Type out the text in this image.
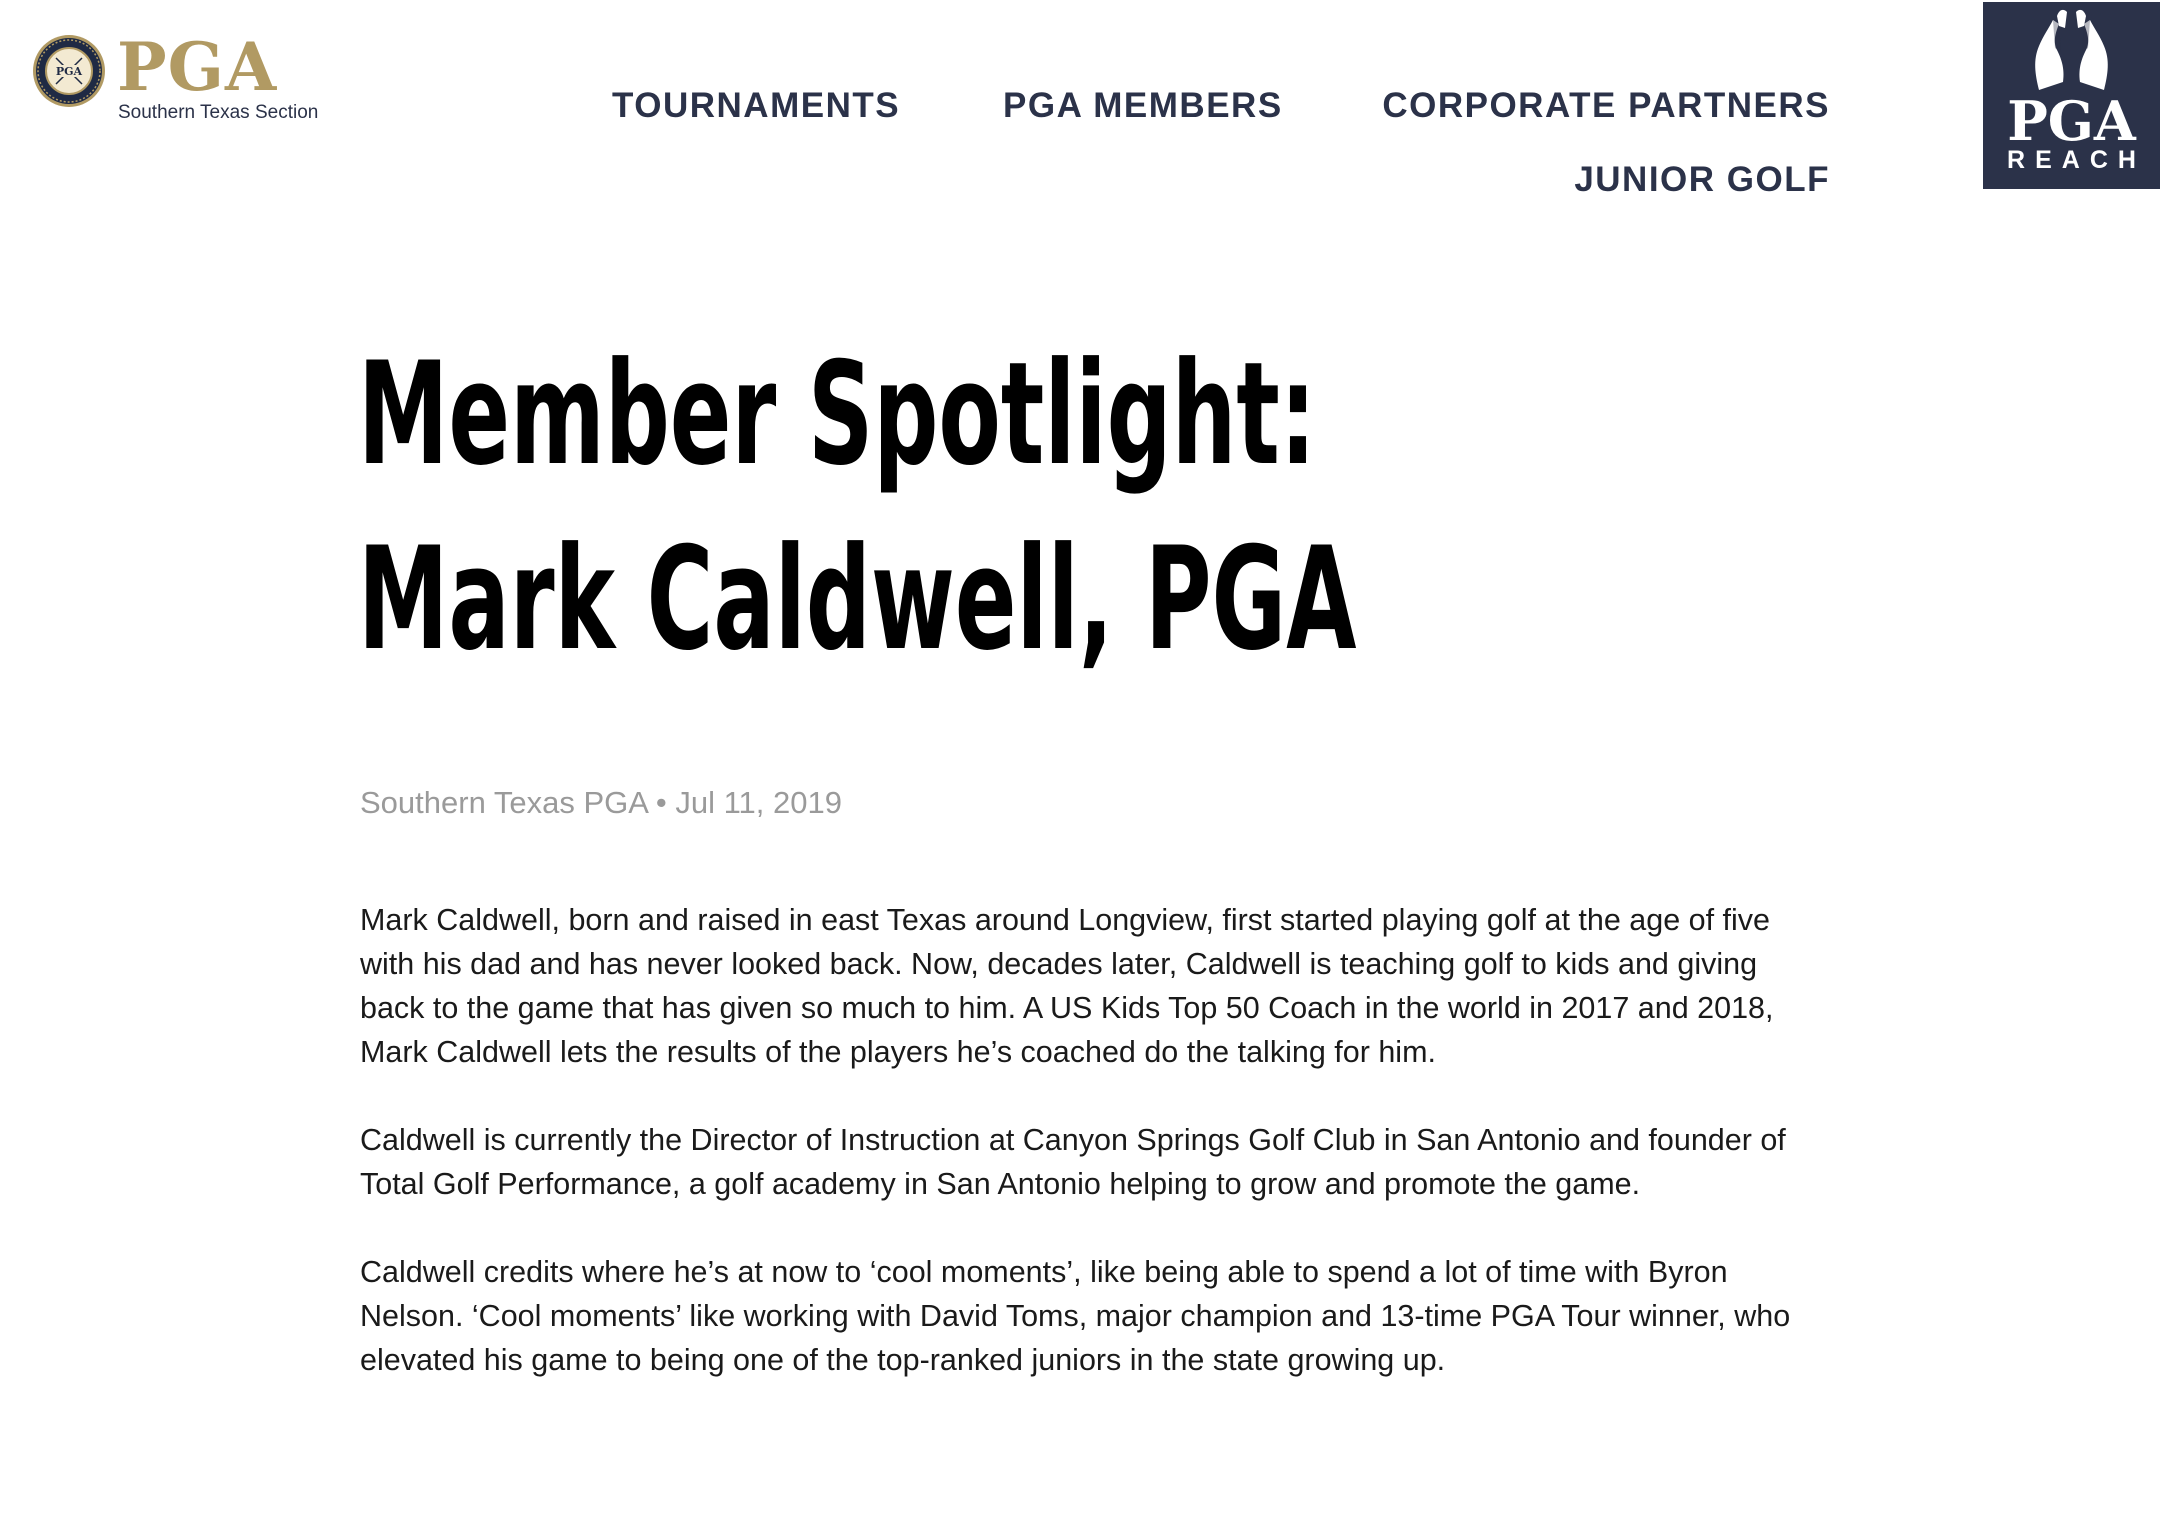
PGA PGA
Southern Texas Section	TOURNAMENTS	PGA MEMBERS	CORPORATE PARTNERS
JUNIOR GOLF
PGA
REACH
Member Spotlight:
Mark Caldwell, PGA
Southern Texas PGA • Jul 11, 2019

Mark Caldwell, born and raised in east Texas around Longview, first started playing golf at the age of five with his dad and has never looked back. Now, decades later, Caldwell is teaching golf to kids and giving back to the game that has given so much to him. A US Kids Top 50 Coach in the world in 2017 and 2018, Mark Caldwell lets the results of the players he’s coached do the talking for him.

Caldwell is currently the Director of Instruction at Canyon Springs Golf Club in San Antonio and founder of Total Golf Performance, a golf academy in San Antonio helping to grow and promote the game.

Caldwell credits where he’s at now to ‘cool moments’, like being able to spend a lot of time with Byron Nelson. ‘Cool moments’ like working with David Toms, major champion and 13-time PGA Tour winner, who elevated his game to being one of the top-ranked juniors in the state growing up.
